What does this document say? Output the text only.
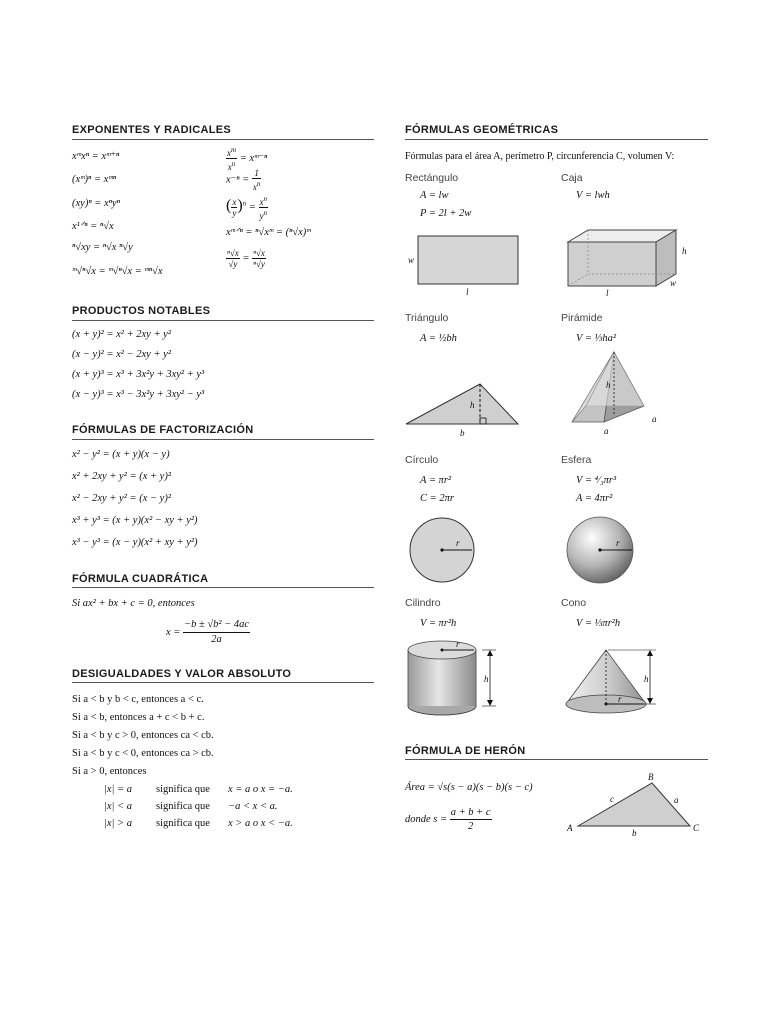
EXPONENTES Y RADICALES
xᵐxⁿ = xᵐ⁺ⁿ
(xᵐ)ⁿ = xᵐⁿ
(xy)ⁿ = xⁿyⁿ
x¹ᐟⁿ = ⁿ√x
ⁿ√xy = ⁿ√x ⁿ√y
ᵐ√ⁿ√x = ᵐ√ⁿ√x = ᵐⁿ√x
$\frac{x^m}{x^n}$ = xᵐ⁻ⁿ
$x^{-n} = \frac{1}{x^n}$
( $\frac{x}{y} )^n = \frac{x^n}{y^n}$
xᵐᐟⁿ = ⁿ√xᵐ = (ⁿ√x)ᵐ
$\frac{\text{ⁿ√x}}{√y} = \frac{\text{ⁿ√x}}{\text{ⁿ√y}}$
PRODUCTOS NOTABLES
(x + y)² = x² + 2xy + y²
(x − y)² = x² − 2xy + y²
(x + y)³ = x³ + 3x²y + 3xy² + y³
(x − y)³ = x³ − 3x²y + 3xy² − y³
FÓRMULAS DE FACTORIZACIÓN
x² − y² = (x + y)(x − y)
x² + 2xy + y² = (x + y)²
x² − 2xy + y² = (x − y)²
x³ + y³ = (x + y)(x² − xy + y²)
x³ − y³ = (x − y)(x² + xy + y²)
FÓRMULA CUADRÁTICA
Si ax² + bx + c = 0, entonces
$x = \frac{\text{−b ± √b² − 4ac}}{2a}$
DESIGUALDADES Y VALOR ABSOLUTO
Si a < b y b < c, entonces a < c.
Si a < b, entonces a + c < b + c.
Si a < b y c > 0, entonces ca < cb.
Si a < b y c < 0, entonces ca > cb.
Si a > 0, entonces
|x| = a significa que x = a o x = −a.
|x| < a significa que −a < x < a.
|x| > a significa que x > a o x < −a.
FÓRMULAS GEOMÉTRICAS
Fórmulas para el área A, perímetro P, circunferencia C, volumen V:
Rectángulo
A = lw
P = 2l + 2w
w
l
Caja
V = lwh
h
l
w
Triángulo
A = ½bh
h
b
Pirámide
V = ⅓ha²
h
a
a
Círculo
A = πr²
C = 2πr
r
Esfera
V = ⁴⁄₃πr³
A = 4πr²
r
Cilindro
V = πr²h
r
h
Cono
V = ⅓πr²h
r
h
FÓRMULA DE HERÓN
Área = √s(s − a)(s − b)(s − c)
donde $s = \frac{a + b + c}{2}$	A
B
C
c	a
b
